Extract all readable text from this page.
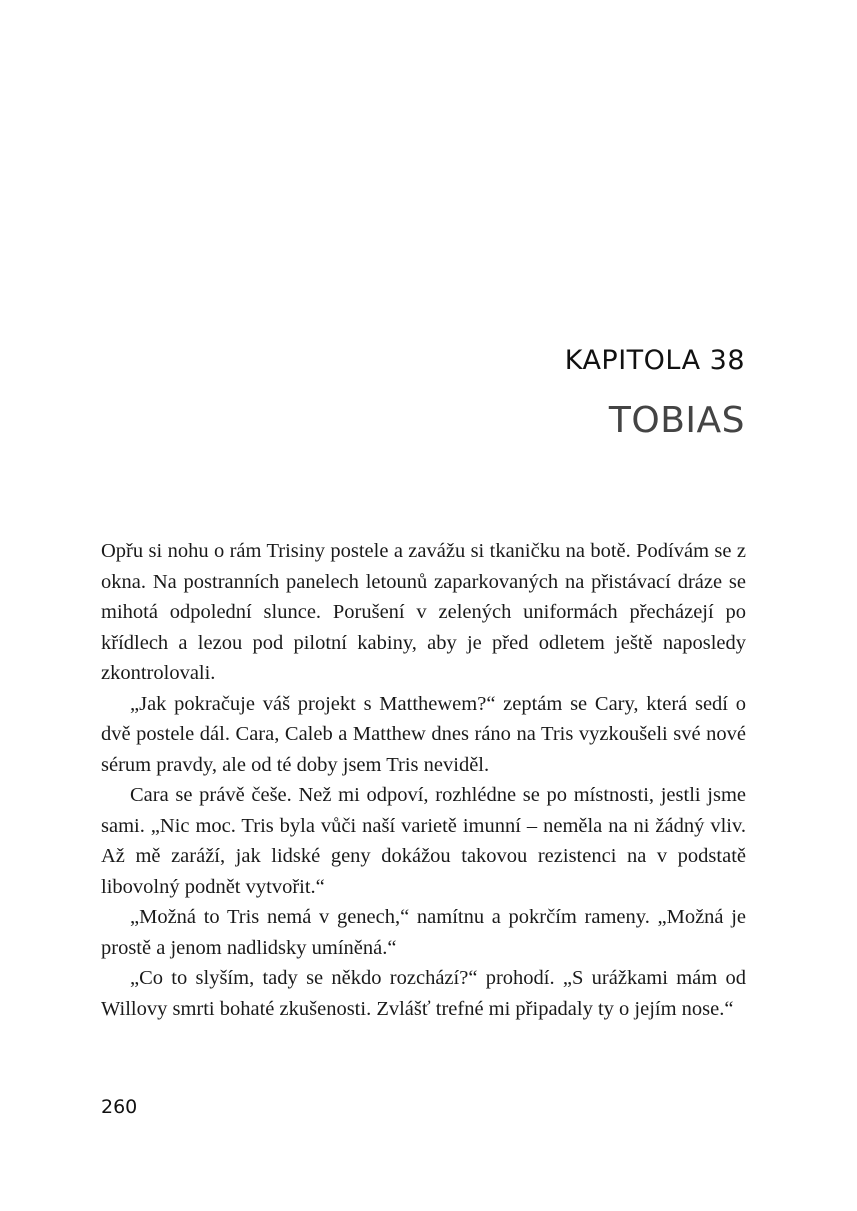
KAPITOLA 38
TOBIAS

Opřu si nohu o rám Trisiny postele a zavážu si tkaničku na botě. Podívám se z okna. Na postranních panelech letounů zaparkovaných na přistávací dráze se mihotá odpolední slunce. Porušení v zelených uniformách přecházejí po křídlech a lezou pod pilotní kabiny, aby je před odletem ještě naposledy zkontrolovali.

„Jak pokračuje váš projekt s Matthewem?“ zeptám se Cary, která sedí o dvě postele dál. Cara, Caleb a Matthew dnes ráno na Tris vyzkoušeli své nové sérum pravdy, ale od té doby jsem Tris neviděl.

Cara se právě češe. Než mi odpoví, rozhlédne se po místnosti, jestli jsme sami. „Nic moc. Tris byla vůči naší varietě imunní – neměla na ni žádný vliv. Až mě zaráží, jak lidské geny dokážou takovou rezistenci na v podstatě libovolný podnět vytvořit.“

„Možná to Tris nemá v genech,“ namítnu a pokrčím rameny. „Možná je prostě a jenom nadlidsky umíněná.“

„Co to slyším, tady se někdo rozchází?“ prohodí. „S urážkami mám od Willovy smrti bohaté zkušenosti. Zvlášť trefné mi připadaly ty o jejím nose.“

260
